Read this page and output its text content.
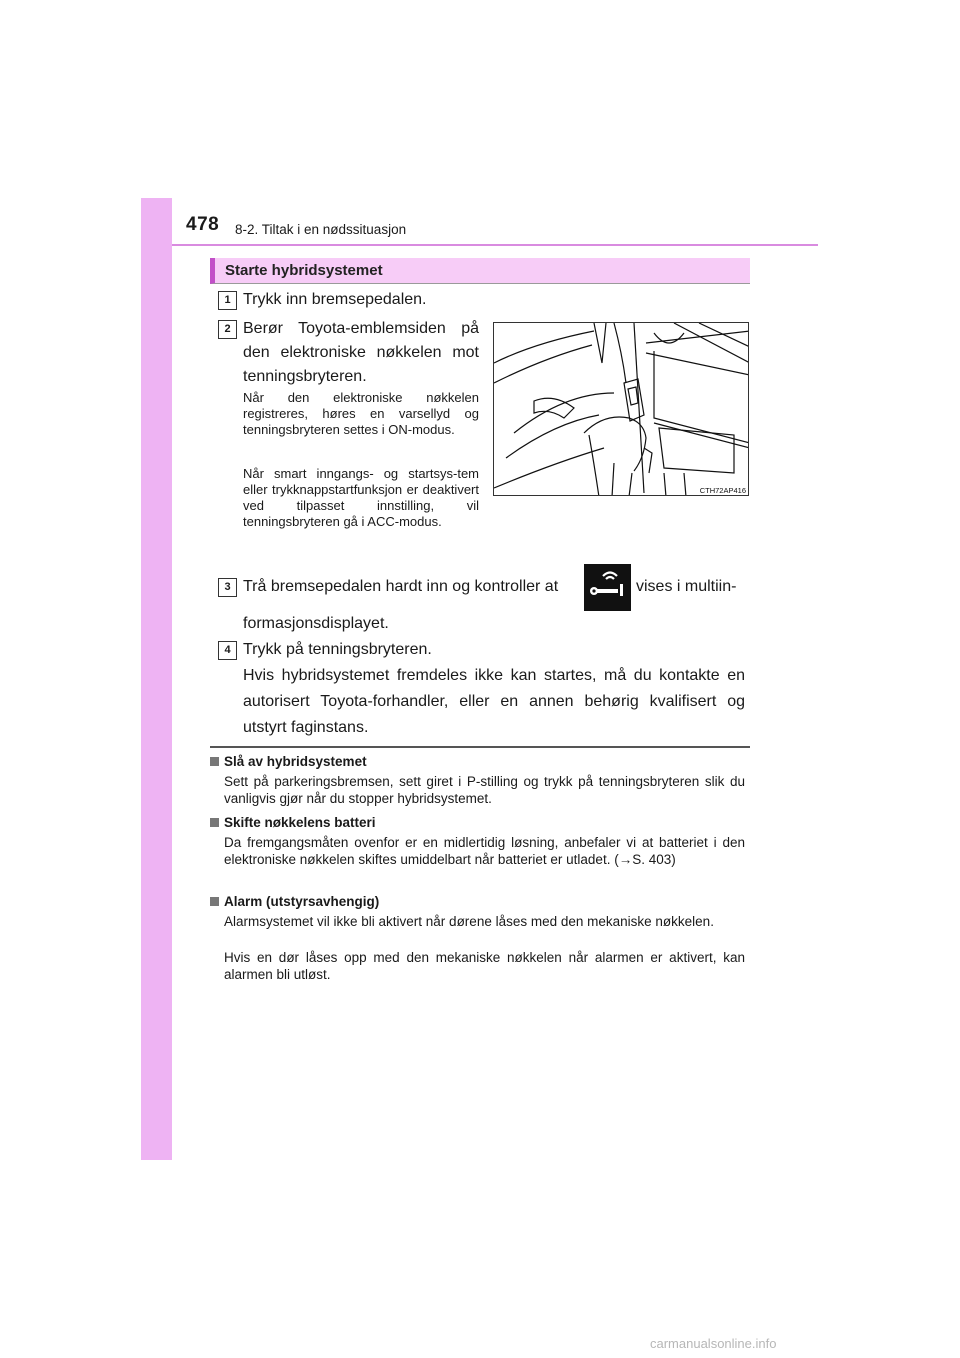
478 8-2. Tiltak i en nødssituasjon
Starte hybridsystemet
1 Trykk inn bremsepedalen.
2 Berør Toyota-emblemsiden på
den elektroniske nøkkelen mot
tenningsbryteren.
Når den elektroniske nøkkelen registreres, høres en varsellyd og tenningsbryteren settes i ON-modus.
Når smart inngangs- og startsys-tem eller trykknappstartfunksjon er deaktivert ved tilpasset innstilling, vil tenningsbryteren gå i ACC-modus.
CTH72AP416
3 Trå bremsepedalen hardt inn og kontroller at	vises i multiin-
formasjonsdisplayet.
4 Trykk på tenningsbryteren.
Hvis hybridsystemet fremdeles ikke kan startes, må du kontakte en autorisert Toyota-forhandler, eller en annen behørig kvalifisert og utstyrt faginstans.
Slå av hybridsystemet
Sett på parkeringsbremsen, sett giret i P-stilling og trykk på tenningsbryteren slik du vanligvis gjør når du stopper hybridsystemet.
Skifte nøkkelens batteri
Da fremgangsmåten ovenfor er en midlertidig løsning, anbefaler vi at batteriet i den elektroniske nøkkelen skiftes umiddelbart når batteriet er utladet. (→S. 403)
Alarm (utstyrsavhengig)
Alarmsystemet vil ikke bli aktivert når dørene låses med den mekaniske nøkkelen.
Hvis en dør låses opp med den mekaniske nøkkelen når alarmen er aktivert, kan alarmen bli utløst.
carmanualsonline.info
